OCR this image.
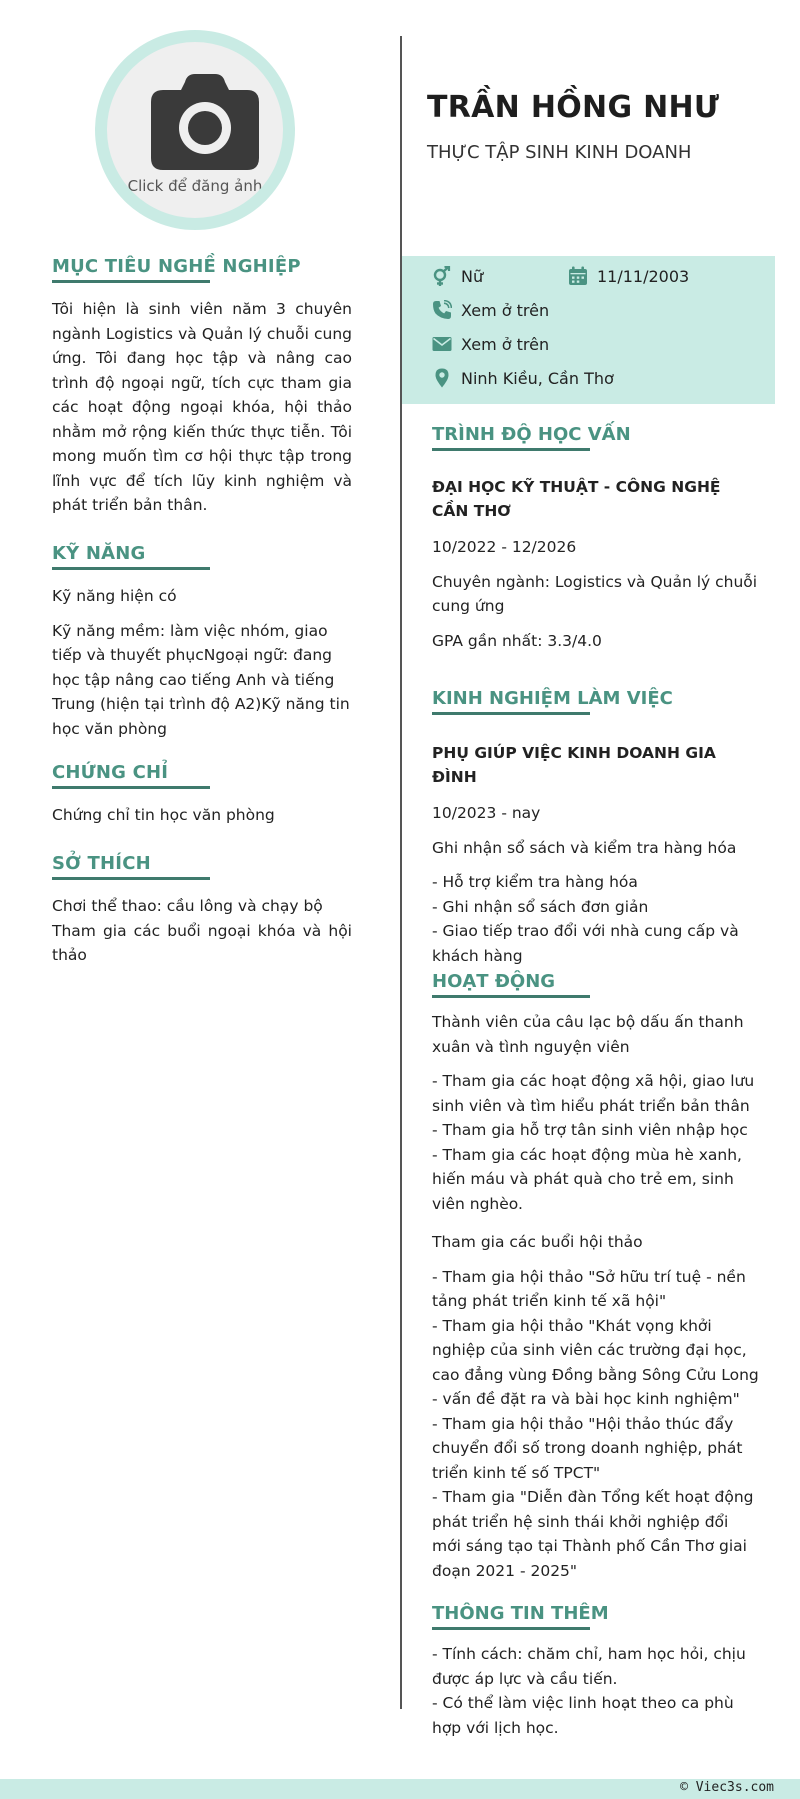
Click để đăng ảnh
MỤC TIÊU NGHỀ NGHIỆP

Tôi hiện là sinh viên năm 3 chuyên ngành Logistics và Quản lý chuỗi cung ứng. Tôi đang học tập và nâng cao trình độ ngoại ngữ, tích cực tham gia các hoạt động ngoại khóa, hội thảo nhằm mở rộng kiến thức thực tiễn. Tôi mong muốn tìm cơ hội thực tập trong lĩnh vực để tích lũy kinh nghiệm và phát triển bản thân.

KỸ NĂNG

Kỹ năng hiện có

Kỹ năng mềm: làm việc nhóm, giao tiếp và thuyết phụcNgoại ngữ: đang học tập nâng cao tiếng Anh và tiếng Trung (hiện tại trình độ A2)Kỹ năng tin học văn phòng

CHỨNG CHỈ

Chứng chỉ tin học văn phòng

SỞ THÍCH

Chơi thể thao: cầu lông và chạy bộ

Tham gia các buổi ngoại khóa và hội thảo

TRẦN HỒNG NHƯ

THỰC TẬP SINH KINH DOANH

Nữ	11/11/2003
Xem ở trên
Xem ở trên
Ninh Kiều, Cần Thơ
TRÌNH ĐỘ HỌC VẤN

ĐẠI HỌC KỸ THUẬT - CÔNG NGHỆ CẦN THƠ

10/2022 - 12/2026

Chuyên ngành: Logistics và Quản lý chuỗi cung ứng

GPA gần nhất: 3.3/4.0

KINH NGHIỆM LÀM VIỆC

PHỤ GIÚP VIỆC KINH DOANH GIA ĐÌNH

10/2023 - nay

Ghi nhận sổ sách và kiểm tra hàng hóa

- Hỗ trợ kiểm tra hàng hóa

- Ghi nhận sổ sách đơn giản

- Giao tiếp trao đổi với nhà cung cấp và khách hàng

HOẠT ĐỘNG

Thành viên của câu lạc bộ dấu ấn thanh xuân và tình nguyện viên

- Tham gia các hoạt động xã hội, giao lưu sinh viên và tìm hiểu phát triển bản thân

- Tham gia hỗ trợ tân sinh viên nhập học

- Tham gia các hoạt động mùa hè xanh, hiến máu và phát quà cho trẻ em, sinh viên nghèo.

Tham gia các buổi hội thảo

- Tham gia hội thảo "Sở hữu trí tuệ - nền tảng phát triển kinh tế xã hội"

- Tham gia hội thảo "Khát vọng khởi nghiệp của sinh viên các trường đại học, cao đẳng vùng Đồng bằng Sông Cửu Long - vấn đề đặt ra và bài học kinh nghiệm"

- Tham gia hội thảo "Hội thảo thúc đẩy chuyển đổi số trong doanh nghiệp, phát triển kinh tế số TPCT"

- Tham gia "Diễn đàn Tổng kết hoạt động phát triển hệ sinh thái khởi nghiệp đổi mới sáng tạo tại Thành phố Cần Thơ giai đoạn 2021 - 2025"

THÔNG TIN THÊM

- Tính cách: chăm chỉ, ham học hỏi, chịu được áp lực và cầu tiến.

- Có thể làm việc linh hoạt theo ca phù hợp với lịch học.

© Viec3s.com
